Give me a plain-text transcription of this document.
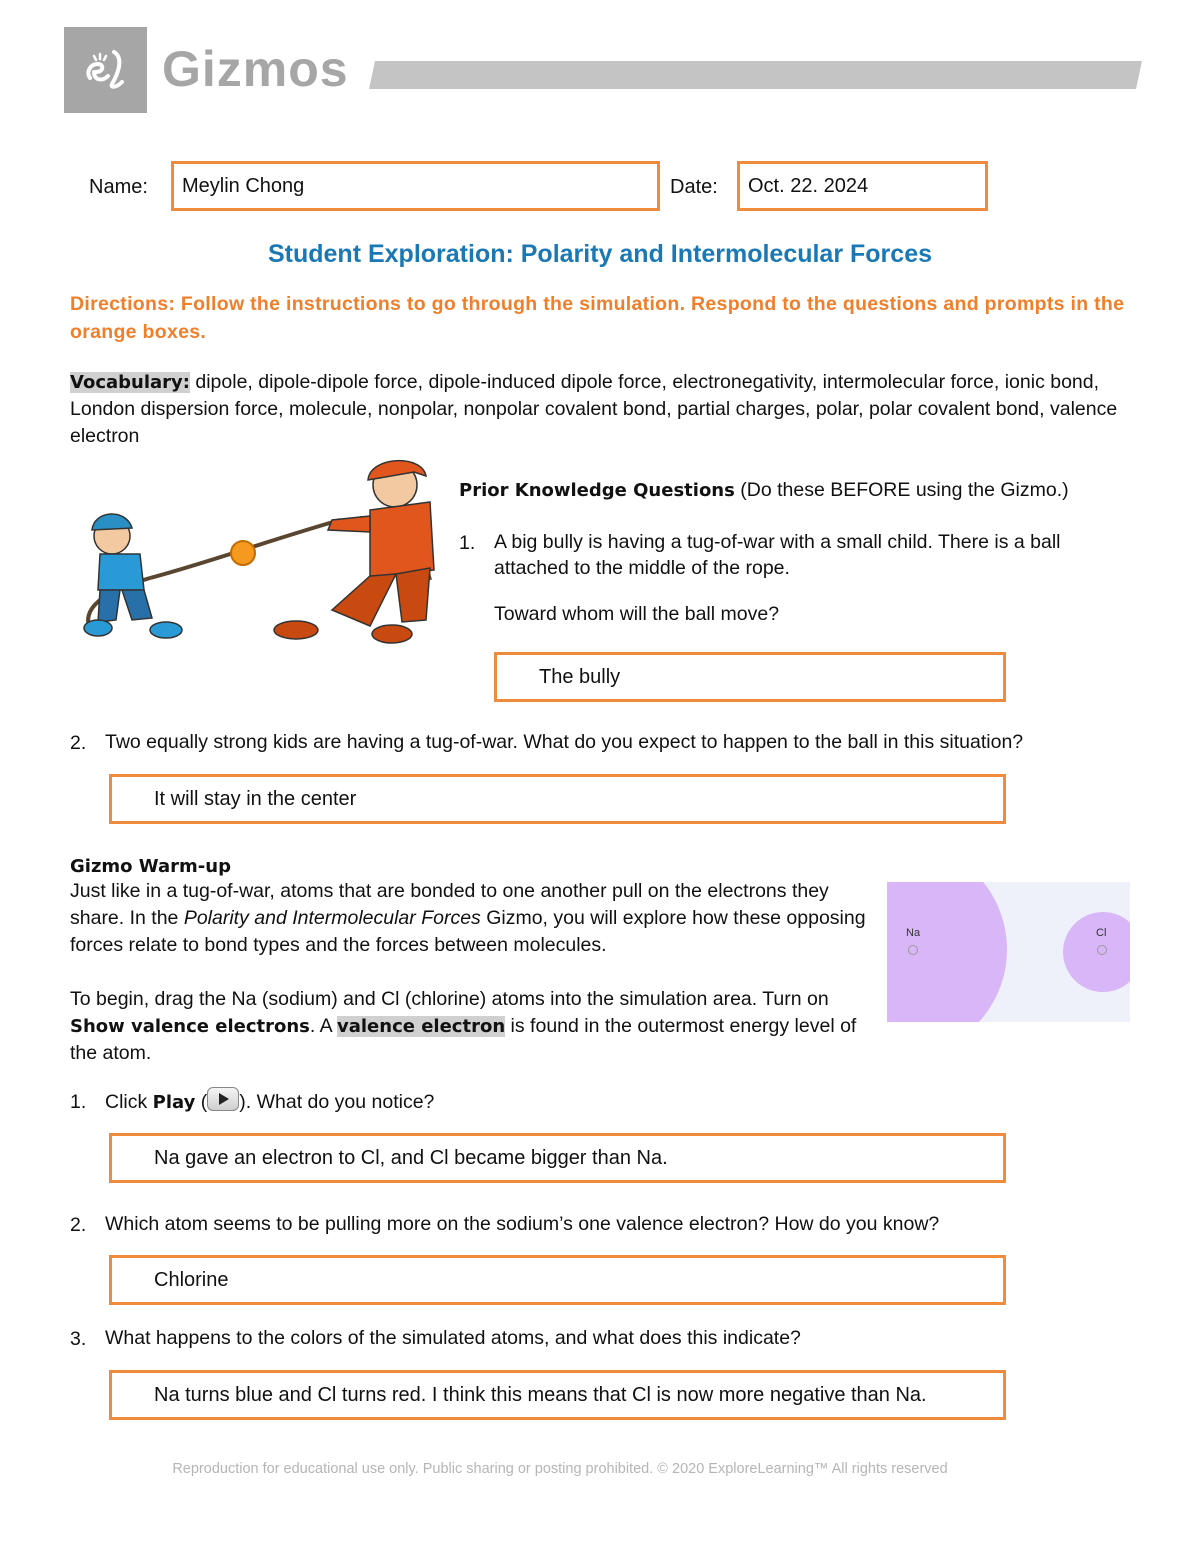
Gizmos
Name:	Meylin Chong	Date:	Oct. 22. 2024
Student Exploration: Polarity and Intermolecular Forces
Directions: Follow the instructions to go through the simulation. Respond to the questions and prompts in the orange boxes.
Vocabulary: dipole, dipole-dipole force, dipole-induced dipole force, electronegativity, intermolecular force, ionic bond, London dispersion force, molecule, nonpolar, nonpolar covalent bond, partial charges, polar, polar covalent bond, valence electron
Prior Knowledge Questions (Do these BEFORE using the Gizmo.)
1. A big bully is having a tug-of-war with a small child. There is a ball attached to the middle of the rope.
Toward whom will the ball move?
The bully
2. Two equally strong kids are having a tug-of-war. What do you expect to happen to the ball in this situation?
It will stay in the center
Gizmo Warm-up
Just like in a tug-of-war, atoms that are bonded to one another pull on the electrons they share. In the Polarity and Intermolecular Forces Gizmo, you will explore how these opposing forces relate to bond types and the forces between molecules.
To begin, drag the Na (sodium) and Cl (chlorine) atoms into the simulation area. Turn on Show valence electrons. A valence electron is found in the outermost energy level of the atom.
Na	Cl
1. Click Play ( ). What do you notice?
Na gave an electron to Cl, and Cl became bigger than Na.
2. Which atom seems to be pulling more on the sodium’s one valence electron? How do you know?
Chlorine
3. What happens to the colors of the simulated atoms, and what does this indicate?
Na turns blue and Cl turns red. I think this means that Cl is now more negative than Na.
Reproduction for educational use only. Public sharing or posting prohibited. © 2020 ExploreLearning™ All rights reserved
